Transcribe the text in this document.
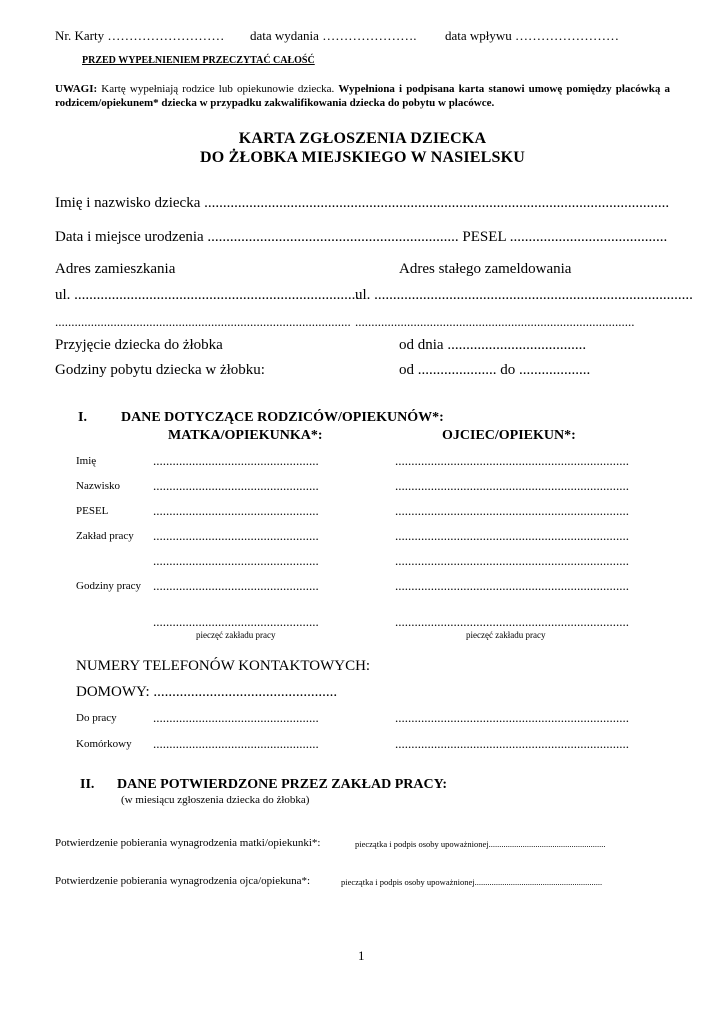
Nr. Karty ……………………… data wydania …………………. data wpływu ……………………
PRZED WYPEŁNIENIEM PRZECZYTAĆ CAŁOŚĆ
UWAGI: Kartę wypełniają rodzice lub opiekunowie dziecka. Wypełniona i podpisana karta stanowi umowę pomiędzy placówką a rodzicem/opiekunem* dziecka w przypadku zakwalifikowania dziecka do pobytu w placówce.
KARTA ZGŁOSZENIA DZIECKA
DO ŻŁOBKA MIEJSKIEGO W NASIELSKU
Imię i nazwisko dziecka ............................................................................................................................
Data i miejsce urodzenia ................................................................... PESEL ..........................................
Adres zamieszkania	Adres stałego zameldowania
ul. ............................................................................
ul. .....................................................................................
........................................................................................... ......................................................................................
Przyjęcie dziecka do żłobka	od dnia .....................................
Godziny pobytu dziecka w żłobku:	od ..................... do ...................
I. DANE DOTYCZĄCE RODZICÓW/OPIEKUNÓW*:
MATKA/OPIEKUNKA*:	OJCIEC/OPIEKUN*:
Imię	...................................................	........................................................................
Nazwisko	...................................................	........................................................................
PESEL	...................................................	........................................................................
Zakład pracy ...................................................	........................................................................
...................................................	........................................................................
Godziny pracy ...................................................	........................................................................
...................................................	........................................................................
pieczęć zakładu pracy	pieczęć zakładu pracy
NUMERY TELEFONÓW KONTAKTOWYCH:
DOMOWY: .................................................
Do pracy	...................................................	........................................................................
Komórkowy ...................................................	........................................................................
II. DANE POTWIERDZONE PRZEZ ZAKŁAD PRACY:
(w miesiącu zgłoszenia dziecka do żłobka)
Potwierdzenie pobierania wynagrodzenia matki/opiekunki*:	pieczątka i podpis osoby upoważnionej.......................................................
Potwierdzenie pobierania wynagrodzenia ojca/opiekuna*:	pieczątka i podpis osoby upoważnionej............................................................
1
